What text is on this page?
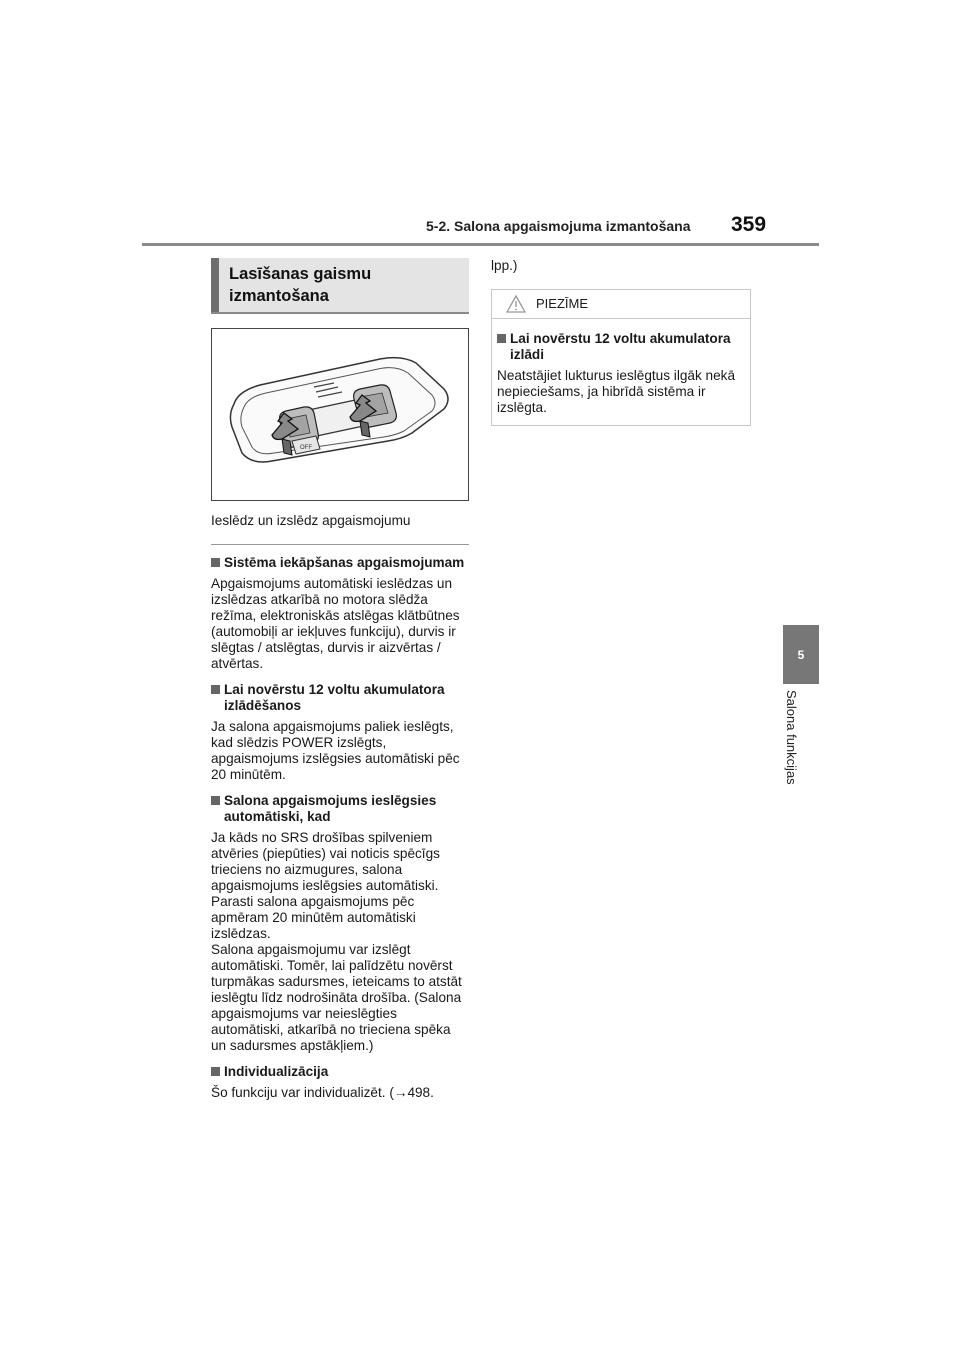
5-2. Salona apgaismojuma izmantošana 359
5
Salona funkcijas
Lasīšanas gaismu
izmantošana
OFF
Ieslēdz un izslēdz apgaismojumu
Sistēma iekāpšanas apgaismojumam
Apgaismojums automātiski ieslēdzas un izslēdzas atkarībā no motora slēdža režīma, elektroniskās atslēgas klātbūtnes (automobiļi ar iekļuves funkciju), durvis ir slēgtas / atslēgtas, durvis ir aizvērtas / atvērtas.
Lai novērstu 12 voltu akumulatora izlādēšanos
Ja salona apgaismojums paliek ieslēgts, kad slēdzis POWER izslēgts, apgaismojums izslēgsies automātiski pēc 20 minūtēm.
Salona apgaismojums ieslēgsies automātiski, kad
Ja kāds no SRS drošības spilveniem atvēries (piepūties) vai noticis spēcīgs trieciens no aizmugures, salona apgaismojums ieslēgsies automātiski. Parasti salona apgaismojums pēc apmēram 20 minūtēm automātiski izslēdzas.
Salona apgaismojumu var izslēgt automātiski. Tomēr, lai palīdzētu novērst turpmākas sadursmes, ieteicams to atstāt ieslēgtu līdz nodrošināta drošība. (Salona apgaismojums var neieslēgties automātiski, atkarībā no trieciena spēka un sadursmes apstākļiem.)
Individualizācija
Šo funkciju var individualizēt. (→498.
lpp.)
PIEZĪME
Lai novērstu 12 voltu akumulatora izlādi
Neatstājiet lukturus ieslēgtus ilgāk nekā nepieciešams, ja hibrīdā sistēma ir izslēgta.
